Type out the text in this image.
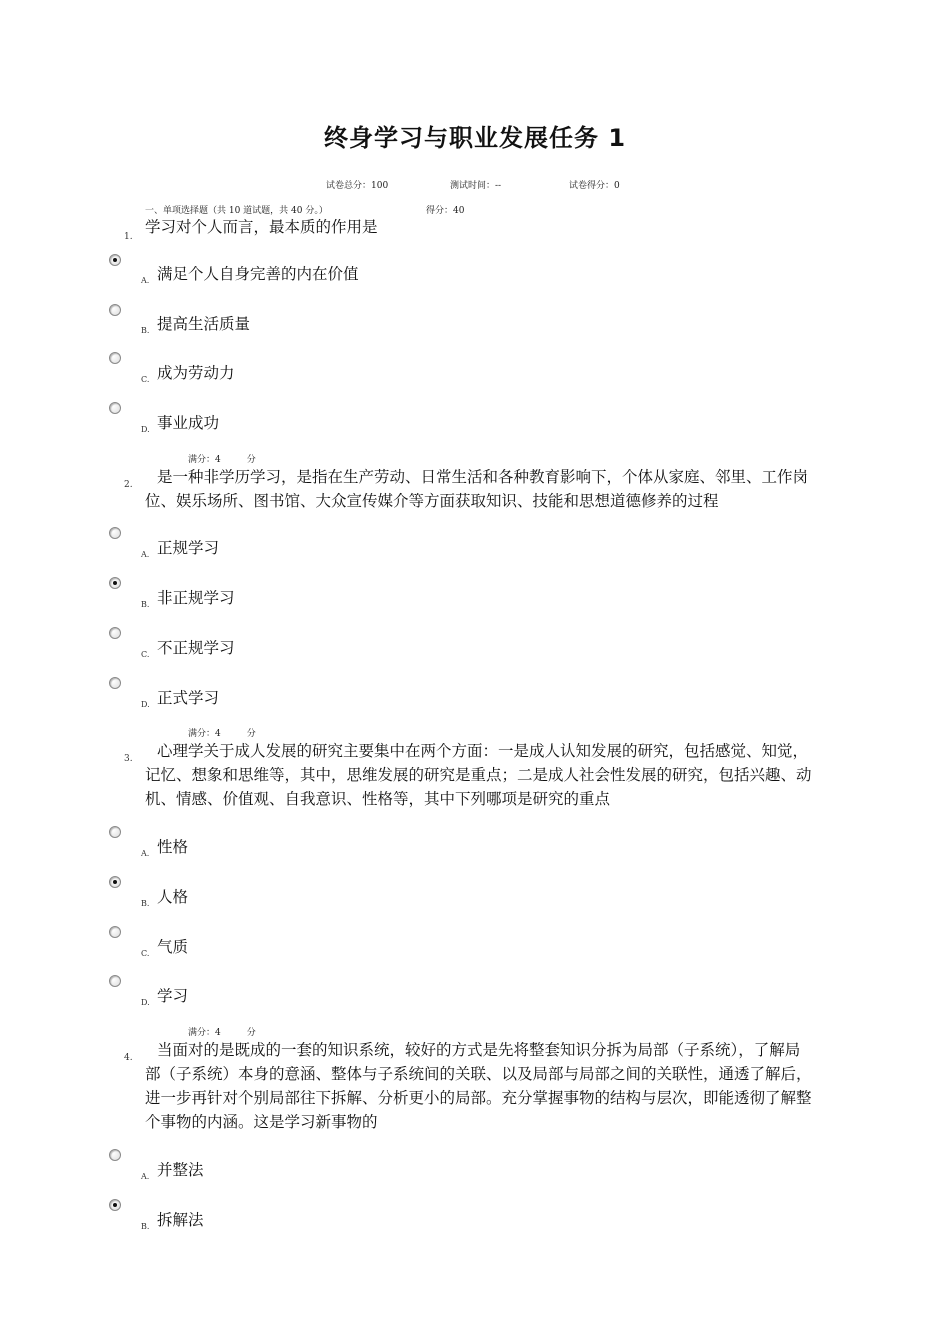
终身学习与职业发展任务 1
试卷总分：100	测试时间：--	试卷得分：0
一、单项选择题（共 10 道试题，共 40 分。）	得分：40
1.
学习对个人而言，最本质的作用是
A. 满足个人自身完善的内在价值
B. 提高生活质量
C. 成为劳动力
D. 事业成功
满分：4	分
2.	是一种非学历学习，是指在生产劳动、日常生活和各种教育影响下，个体从家庭、邻里、工作岗位、娱乐场所、图书馆、大众宣传媒介等方面获取知识、技能和思想道德修养的过程
A. 正规学习
B. 非正规学习
C. 不正规学习
D. 正式学习
满分：4	分
3.	心理学关于成人发展的研究主要集中在两个方面：一是成人认知发展的研究，包括感觉、知觉，记忆、想象和思维等，其中，思维发展的研究是重点；二是成人社会性发展的研究，包括兴趣、动机、情感、价值观、自我意识、性格等，其中下列哪项是研究的重点
A. 性格
B. 人格
C. 气质
D. 学习
满分：4	分
4.	当面对的是既成的一套的知识系统，较好的方式是先将整套知识分拆为局部（子系统），了解局部（子系统）本身的意涵、整体与子系统间的关联、以及局部与局部之间的关联性，通透了解后，进一步再针对个别局部往下拆解、分析更小的局部。充分掌握事物的结构与层次，即能透彻了解整个事物的内涵。这是学习新事物的
A. 并整法
B. 拆解法
